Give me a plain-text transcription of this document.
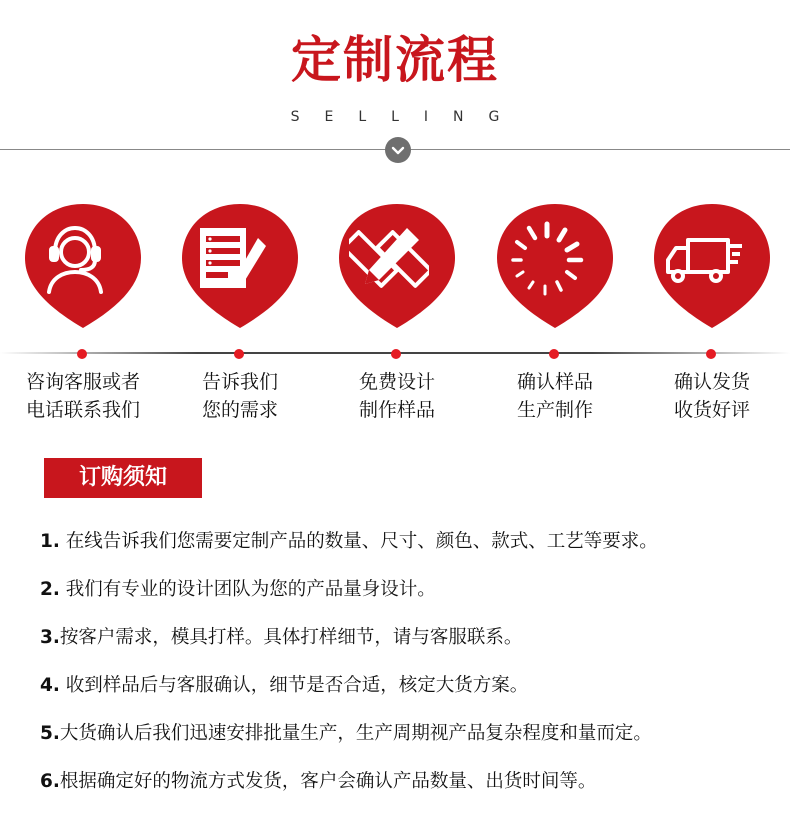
定制流程
SELLING
咨询客服或者
电话联系我们
告诉我们
您的需求
免费设计
制作样品
确认样品
生产制作
确认发货
收货好评
订购须知
1. 在线告诉我们您需要定制产品的数量、尺寸、颜色、款式、工艺等要求。
2. 我们有专业的设计团队为您的产品量身设计。
3.按客户需求，模具打样。具体打样细节，请与客服联系。
4. 收到样品后与客服确认，细节是否合适，核定大货方案。
5.大货确认后我们迅速安排批量生产，生产周期视产品复杂程度和量而定。
6.根据确定好的物流方式发货，客户会确认产品数量、出货时间等。
